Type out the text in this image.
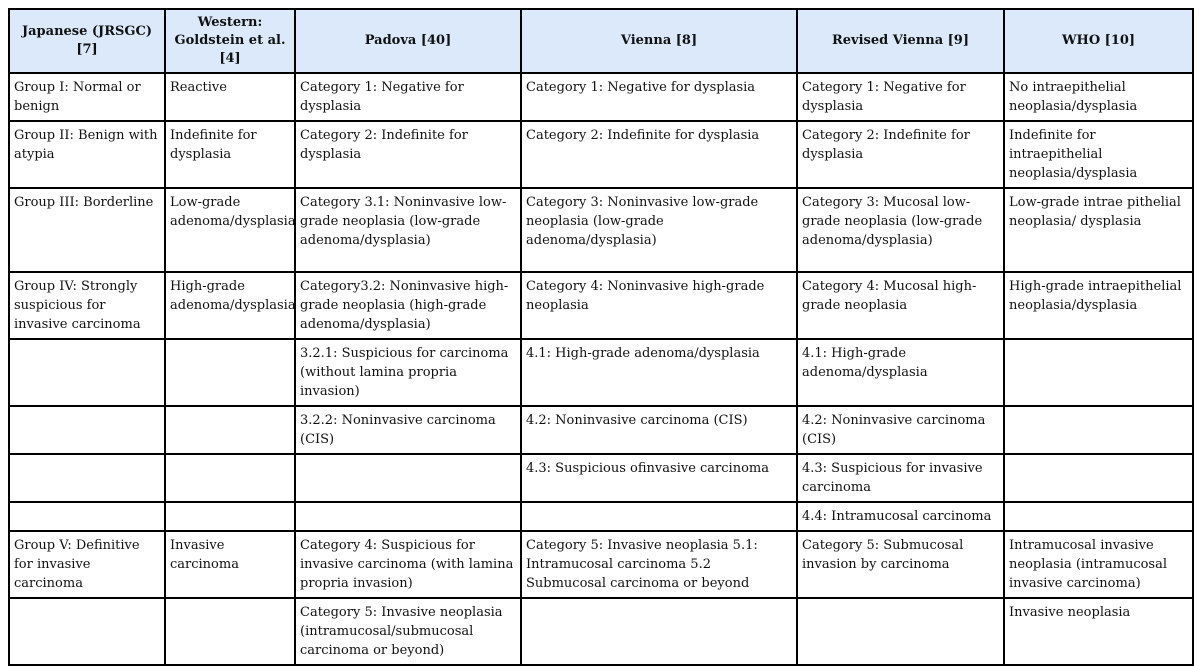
Japanese (JRSGC) [7]	Western: Goldstein et al. [4]	Padova [40]	Vienna [8]	Revised Vienna [9]	WHO [10]
Group I: Normal or benign	Reactive	Category 1: Negative for dysplasia	Category 1: Negative for dysplasia	Category 1: Negative for dysplasia	No intraepithelial neoplasia/dysplasia
Group II: Benign with atypia	Indefinite for dysplasia	Category 2: Indefinite for dysplasia	Category 2: Indefinite for dysplasia	Category 2: Indefinite for dysplasia	Indefinite for intraepithelial neoplasia/dysplasia
Group III: Borderline	Low-grade adenoma/dysplasia	Category 3.1: Noninvasive low-grade neoplasia (low-grade adenoma/dysplasia)	Category 3: Noninvasive low-grade neoplasia (low-grade adenoma/dysplasia)	Category 3: Mucosal low-grade neoplasia (low-grade adenoma/dysplasia)	Low-grade intrae pithelial neoplasia/ dysplasia
Group IV: Strongly suspicious for invasive carcinoma	High-grade adenoma/dysplasia	Category3.2: Noninvasive high-grade neoplasia (high-grade adenoma/dysplasia)	Category 4: Noninvasive high-grade neoplasia	Category 4: Mucosal high-grade neoplasia	High-grade intraepithelial neoplasia/dysplasia
		3.2.1: Suspicious for carcinoma (without lamina propria invasion)	4.1: High-grade adenoma/dysplasia	4.1: High-grade adenoma/dysplasia	
		3.2.2: Noninvasive carcinoma (CIS)	4.2: Noninvasive carcinoma (CIS)	4.2: Noninvasive carcinoma (CIS)	
			4.3: Suspicious ofinvasive carcinoma	4.3: Suspicious for invasive carcinoma	
				4.4: Intramucosal carcinoma	
Group V: Definitive for invasive carcinoma	Invasive carcinoma	Category 4: Suspicious for invasive carcinoma (with lamina propria invasion)	Category 5: Invasive neoplasia 5.1: Intramucosal carcinoma 5.2 Submucosal carcinoma or beyond	Category 5: Submucosal invasion by carcinoma	Intramucosal invasive neoplasia (intramucosal invasive carcinoma)
		Category 5: Invasive neoplasia (intramucosal/submucosal carcinoma or beyond)			Invasive neoplasia
